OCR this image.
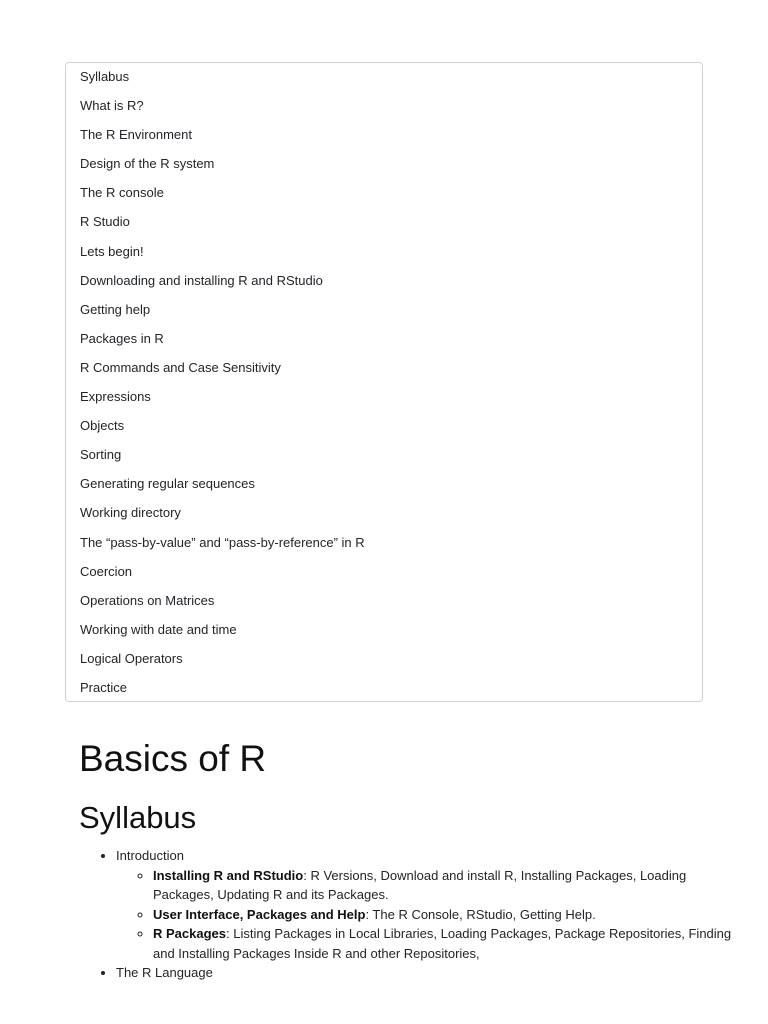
Syllabus
What is R?
The R Environment
Design of the R system
The R console
R Studio
Lets begin!
Downloading and installing R and RStudio
Getting help
Packages in R
R Commands and Case Sensitivity
Expressions
Objects
Sorting
Generating regular sequences
Working directory
The “pass-by-value” and “pass-by-reference” in R
Coercion
Operations on Matrices
Working with date and time
Logical Operators
Practice
Basics of R
Syllabus
• Introduction
◦ Installing R and RStudio: R Versions, Download and install R, Installing Packages, Loading Packages, Updating R and its Packages.
◦ User Interface, Packages and Help: The R Console, RStudio, Getting Help.
◦ R Packages: Listing Packages in Local Libraries, Loading Packages, Package Repositories, Finding and Installing Packages Inside R and other Repositories,
• The R Language
